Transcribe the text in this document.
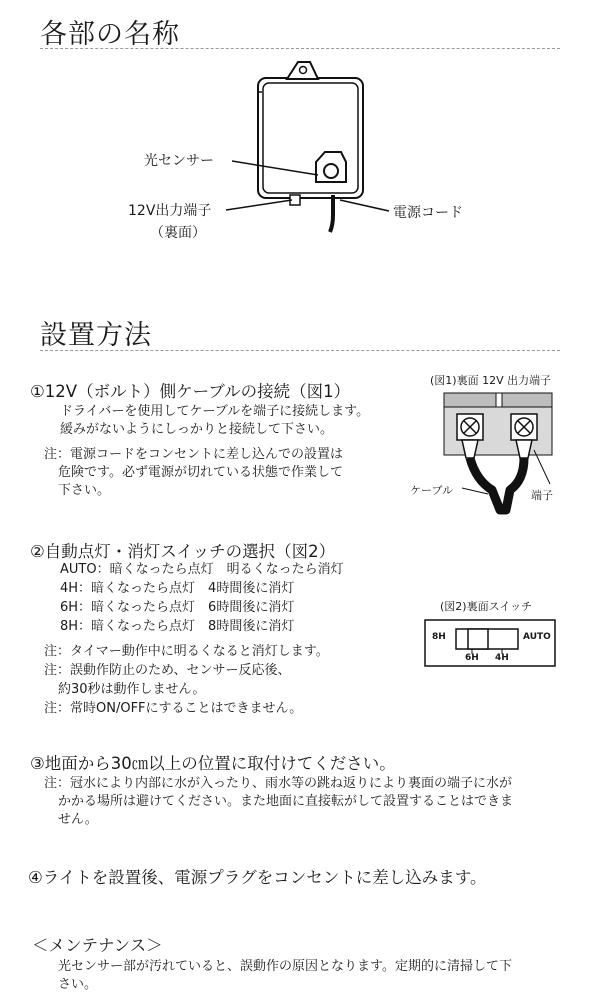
各部の名称
光センサー
12V出力端子
（裏面）
電源コード
設置方法
①12V（ボルト）側ケーブルの接続（図1）
ドライバーを使用してケーブルを端子に接続します。
緩みがないようにしっかりと接続して下さい。
注：電源コードをコンセントに差し込んでの設置は
危険です。必ず電源が切れている状態で作業して
下さい。
(図1)裏面 12V 出力端子
ケーブル	端子
②自動点灯・消灯スイッチの選択（図2）
AUTO：暗くなったら点灯　明るくなったら消灯
4H：暗くなったら点灯　4時間後に消灯
6H：暗くなったら点灯　6時間後に消灯
8H：暗くなったら点灯　8時間後に消灯
注：タイマー動作中に明るくなると消灯します。
注：誤動作防止のため、センサー反応後、
約30秒は動作しません。
注：常時ON/OFFにすることはできません。
(図2)裏面スイッチ
8H	AUTO
6H 4H
③地面から30㎝以上の位置に取付けてください。
注：冠水により内部に水が入ったり、雨水等の跳ね返りにより裏面の端子に水が
かかる場所は避けてください。また地面に直接転がして設置することはできま
せん。
④ライトを設置後、電源プラグをコンセントに差し込みます。
＜メンテナンス＞
光センサー部が汚れていると、誤動作の原因となります。定期的に清掃して下
さい。
